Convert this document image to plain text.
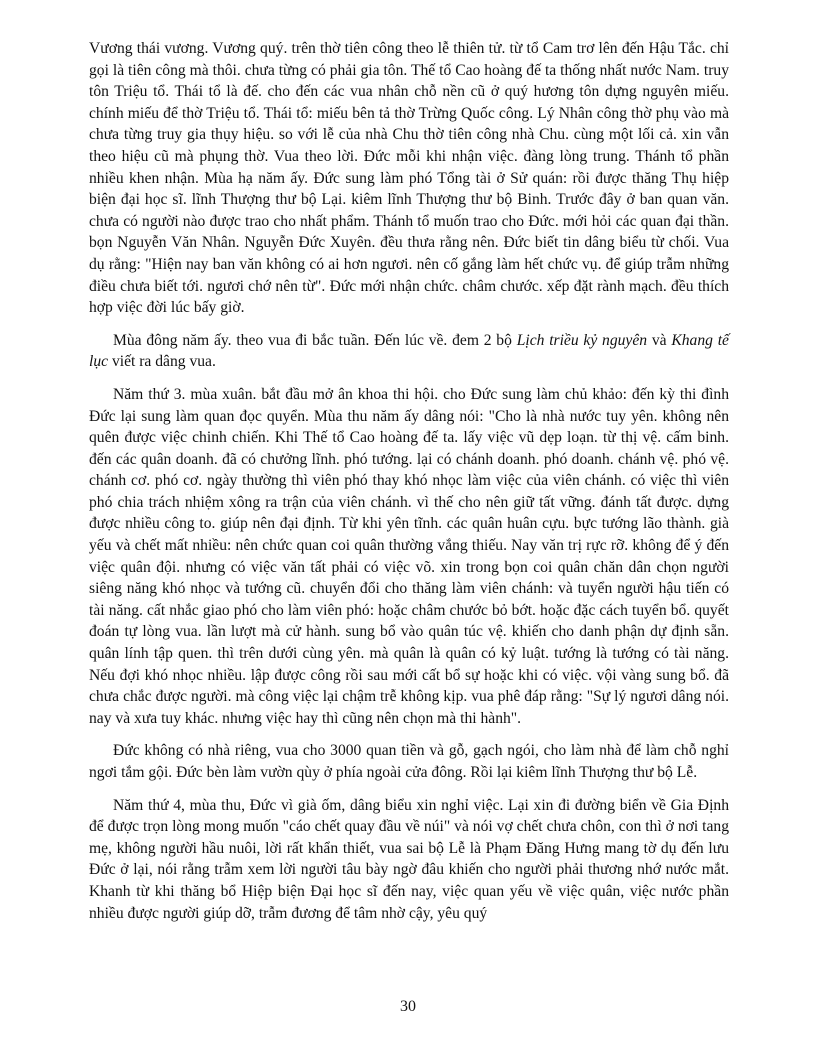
Vương thái vương. Vương quý. trên thờ tiên công theo lễ thiên tử. từ tổ Cam trơ lên đến Hậu Tắc. chỉ gọi là tiên công mà thôi. chưa từng có phải gia tôn. Thế tổ Cao hoàng đế ta thống nhất nước Nam. truy tôn Triệu tổ. Thái tổ là đế. cho đến các vua nhân chỗ nền cũ ở quý hương tôn dựng nguyên miếu. chính miếu để thờ Triệu tổ. Thái tổ: miếu bên tả thờ Trừng Quốc công. Lý Nhân công thờ phụ vào mà chưa từng truy gia thụy hiệu. so với lễ của nhà Chu thờ tiên công nhà Chu. cùng một lối cả. xin vẫn theo hiệu cũ mà phụng thờ. Vua theo lời. Đức mỗi khi nhận việc. đàng lòng trung. Thánh tổ phần nhiều khen nhận. Mùa hạ năm ấy. Đức sung làm phó Tổng tài ở Sử quán: rồi được thăng Thụ hiệp biện đại học sĩ. lĩnh Thượng thư bộ Lại. kiêm lĩnh Thượng thư bộ Binh. Trước đây ở ban quan văn. chưa có người nào được trao cho nhất phẩm. Thánh tổ muốn trao cho Đức. mới hỏi các quan đại thần. bọn Nguyễn Văn Nhân. Nguyễn Đức Xuyên. đều thưa rằng nên. Đức biết tin dâng biểu từ chối. Vua dụ rằng: "Hiện nay ban văn không có ai hơn ngươi. nên cố gắng làm hết chức vụ. để giúp trẫm những điều chưa biết tới. ngươi chớ nên từ". Đức mới nhận chức. châm chước. xếp đặt rành mạch. đều thích hợp việc đời lúc bấy giờ.

Mùa đông năm ấy. theo vua đi bắc tuần. Đến lúc về. đem 2 bộ Lịch triều kỷ nguyên và Khang tế lục viết ra dâng vua.

Năm thứ 3. mùa xuân. bắt đầu mở ân khoa thi hội. cho Đức sung làm chủ khảo: đến kỳ thi đình Đức lại sung làm quan đọc quyển. Mùa thu năm ấy dâng nói: "Cho là nhà nước tuy yên. không nên quên được việc chinh chiến. Khi Thế tổ Cao hoàng đế ta. lấy việc vũ dẹp loạn. từ thị vệ. cấm binh. đến các quân doanh. đã có chưởng lĩnh. phó tướng. lại có chánh doanh. phó doanh. chánh vệ. phó vệ. chánh cơ. phó cơ. ngày thường thì viên phó thay khó nhọc làm việc của viên chánh. có việc thì viên phó chia trách nhiệm xông ra trận của viên chánh. vì thế cho nên giữ tất vững. đánh tất được. dựng được nhiều công to. giúp nên đại định. Từ khi yên tĩnh. các quân huân cựu. bực tướng lão thành. già yếu và chết mất nhiều: nên chức quan coi quân thường vắng thiếu. Nay văn trị rực rỡ. không để ý đến việc quân đội. nhưng có việc văn tất phải có việc võ. xin trong bọn coi quân chăn dân chọn người siêng năng khó nhọc và tướng cũ. chuyển đổi cho thăng làm viên chánh: và tuyển người hậu tiến có tài năng. cất nhắc giao phó cho làm viên phó: hoặc châm chước bỏ bớt. hoặc đặc cách tuyển bổ. quyết đoán tự lòng vua. lần lượt mà cử hành. sung bổ vào quân túc vệ. khiến cho danh phận dự định sẵn. quân lính tập quen. thì trên dưới cùng yên. mà quân là quân có kỷ luật. tướng là tướng có tài năng. Nếu đợi khó nhọc nhiều. lập được công rồi sau mới cất bổ sự hoặc khi có việc. vội vàng sung bổ. đã chưa chắc được người. mà công việc lại chậm trễ không kịp. vua phê đáp rằng: "Sự lý ngươi dâng nói. nay và xưa tuy khác. nhưng việc hay thì cũng nên chọn mà thi hành".

Đức không có nhà riêng, vua cho 3000 quan tiền và gỗ, gạch ngói, cho làm nhà để làm chỗ nghỉ ngơi tắm gội. Đức bèn làm vườn qùy ở phía ngoài cửa đông. Rồi lại kiêm lĩnh Thượng thư bộ Lễ.

Năm thứ 4, mùa thu, Đức vì già ốm, dâng biểu xin nghỉ việc. Lại xin đi đường biển về Gia Định để được trọn lòng mong muốn "cáo chết quay đầu về núi" và nói vợ chết chưa chôn, con thì ở nơi tang mẹ, không người hầu nuôi, lời rất khẩn thiết, vua sai bộ Lễ là Phạm Đăng Hưng mang tờ dụ đến lưu Đức ở lại, nói rằng trẫm xem lời người tâu bày ngờ đâu khiến cho người phải thương nhớ nước mắt. Khanh từ khi thăng bổ Hiệp biện Đại học sĩ đến nay, việc quan yếu về việc quân, việc nước phần nhiều được người giúp dỡ, trẫm đương để tâm nhờ cậy, yêu quý

30
